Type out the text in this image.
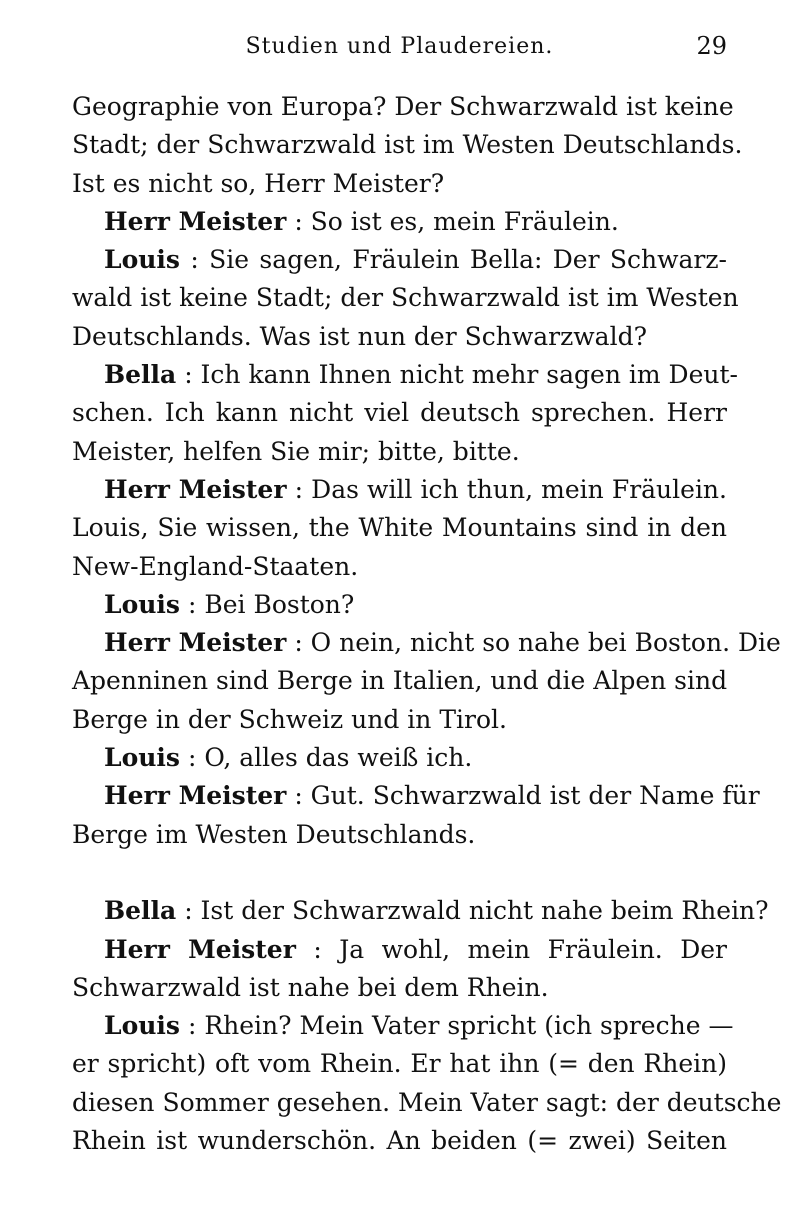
Studien und Plaudereien.	29
Geographie von Europa? Der Schwarzwald ist keine
Stadt; der Schwarzwald ist im Westen Deutschlands.
Ist es nicht so, Herr Meister?
Herr Meister : So ist es, mein Fräulein.
Louis : Sie sagen, Fräulein Bella: Der Schwarz-
wald ist keine Stadt; der Schwarzwald ist im Westen
Deutschlands. Was ist nun der Schwarzwald?
Bella : Ich kann Ihnen nicht mehr sagen im Deut-
schen. Ich kann nicht viel deutsch sprechen. Herr
Meister, helfen Sie mir; bitte, bitte.
Herr Meister : Das will ich thun, mein Fräulein.
Louis, Sie wissen, the White Mountains sind in den
New-England-Staaten.
Louis : Bei Boston?
Herr Meister : O nein, nicht so nahe bei Boston. Die
Apenninen sind Berge in Italien, und die Alpen sind
Berge in der Schweiz und in Tirol.
Louis : O, alles das weiß ich.
Herr Meister : Gut. Schwarzwald ist der Name für
Berge im Westen Deutschlands.
Bella : Ist der Schwarzwald nicht nahe beim Rhein?
Herr Meister : Ja wohl, mein Fräulein. Der
Schwarzwald ist nahe bei dem Rhein.
Louis : Rhein? Mein Vater spricht (ich spreche —
er spricht) oft vom Rhein. Er hat ihn (= den Rhein)
diesen Sommer gesehen. Mein Vater sagt: der deutsche
Rhein ist wunderschön. An beiden (= zwei) Seiten
